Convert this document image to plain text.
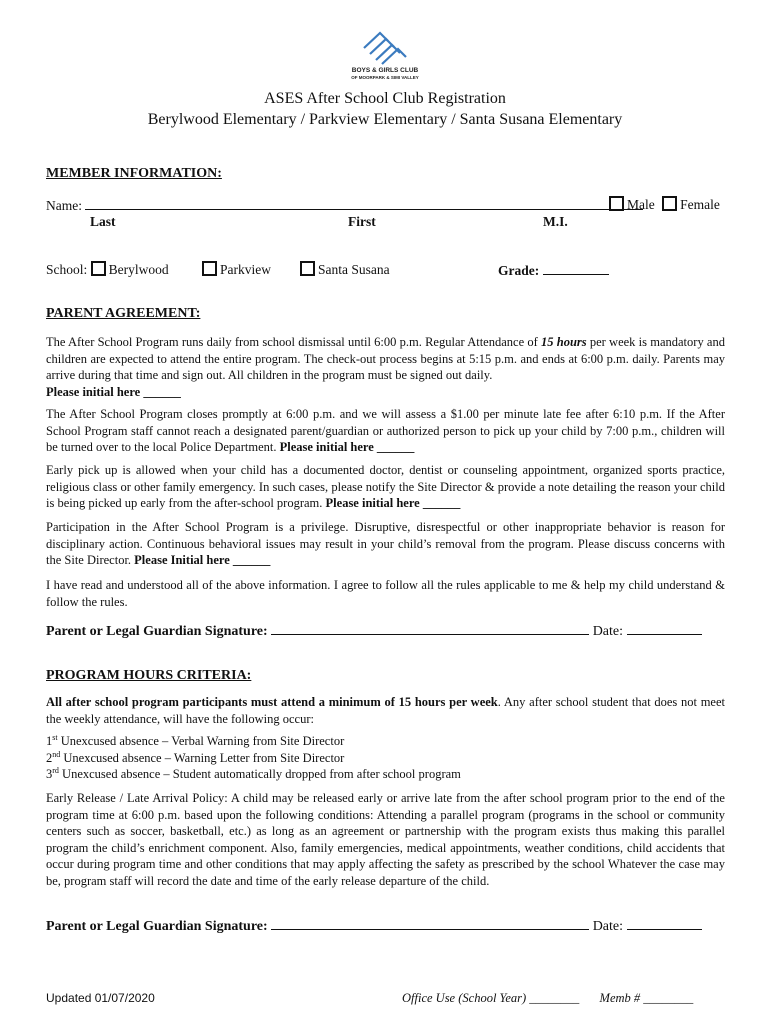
BOYS & GIRLS CLUB
OF MOORPARK & SIMI VALLEY
ASES After School Club Registration
Berylwood Elementary / Parkview Elementary / Santa Susana Elementary
MEMBER INFORMATION:
Name:	Male Female
Last	First	M.I.
School: Berylwood	Parkview	Santa Susana	Grade:
PARENT AGREEMENT:
The After School Program runs daily from school dismissal until 6:00 p.m. Regular Attendance of 15 hours per week is mandatory and children are expected to attend the entire program. The check-out process begins at 5:15 p.m. and ends at 6:00 p.m. daily. Parents may arrive during that time and sign out. All children in the program must be signed out daily.
Please initial here ______
The After School Program closes promptly at 6:00 p.m. and we will assess a $1.00 per minute late fee after 6:10 p.m. If the After School Program staff cannot reach a designated parent/guardian or authorized person to pick up your child by 7:00 p.m., children will be turned over to the local Police Department. Please initial here ______
Early pick up is allowed when your child has a documented doctor, dentist or counseling appointment, organized sports practice, religious class or other family emergency. In such cases, please notify the Site Director & provide a note detailing the reason your child is being picked up early from the after-school program. Please initial here ______
Participation in the After School Program is a privilege. Disruptive, disrespectful or other inappropriate behavior is reason for disciplinary action. Continuous behavioral issues may result in your child’s removal from the program. Please discuss concerns with the Site Director. Please Initial here ______
I have read and understood all of the above information. I agree to follow all the rules applicable to me & help my child understand & follow the rules.
Parent or Legal Guardian Signature:	Date:
PROGRAM HOURS CRITERIA:
All after school program participants must attend a minimum of 15 hours per week. Any after school student that does not meet the weekly attendance, will have the following occur:
1st Unexcused absence – Verbal Warning from Site Director
2nd Unexcused absence – Warning Letter from Site Director
3rd Unexcused absence – Student automatically dropped from after school program
Early Release / Late Arrival Policy: A child may be released early or arrive late from the after school program prior to the end of the program time at 6:00 p.m. based upon the following conditions: Attending a parallel program (programs in the school or community centers such as soccer, basketball, etc.) as long as an agreement or partnership with the program exists thus making this parallel program the child’s enrichment component. Also, family emergencies, medical appointments, weather conditions, child accidents that occur during program time and other conditions that may apply affecting the safety as prescribed by the school Whatever the case may be, program staff will record the date and time of the early release departure of the child.
Parent or Legal Guardian Signature:	Date:
Updated 01/07/2020	Office Use (School Year) ________ Memb # ________
